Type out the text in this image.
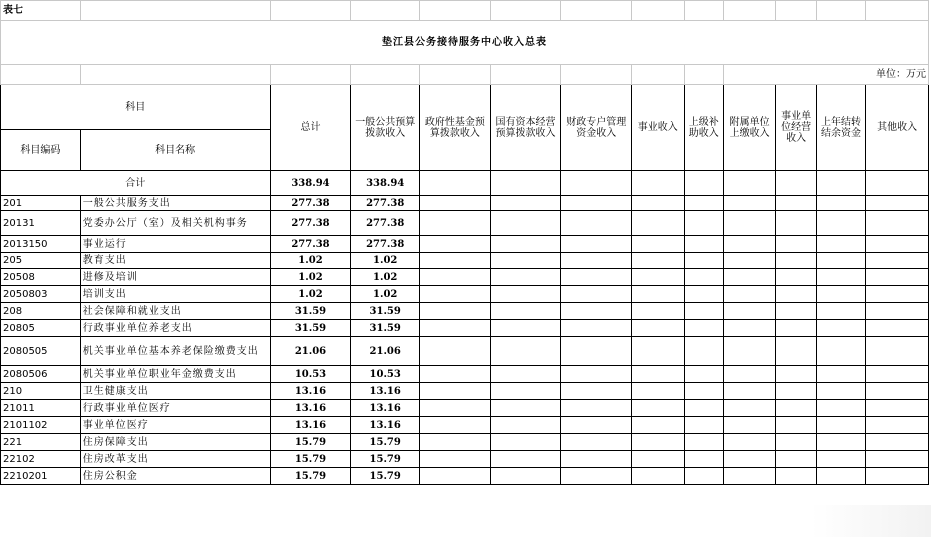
表七												
垫江县公务接待服务中心收入总表												
									单位：万元			
科目		总计	一般公共预算拨款收入	政府性基金预算拨款收入	国有资本经营预算拨款收入	财政专户管理资金收入	事业收入	上级补助收入	附属单位上缴收入	事业单位经营收入	上年结转结余资金	其他收入
科目编码	科目名称											
合计		338.94	338.94									
201	一般公共服务支出	277.38	277.38									
20131	党委办公厅（室）及相关机构事务	277.38	277.38									
2013150	事业运行	277.38	277.38									
205	教育支出	1.02	1.02									
20508	进修及培训	1.02	1.02									
2050803	培训支出	1.02	1.02									
208	社会保障和就业支出	31.59	31.59									
20805	行政事业单位养老支出	31.59	31.59									
2080505	机关事业单位基本养老保险缴费支出	21.06	21.06									
2080506	机关事业单位职业年金缴费支出	10.53	10.53									
210	卫生健康支出	13.16	13.16									
21011	行政事业单位医疗	13.16	13.16									
2101102	事业单位医疗	13.16	13.16									
221	住房保障支出	15.79	15.79									
22102	住房改革支出	15.79	15.79									
2210201	住房公积金	15.79	15.79									
